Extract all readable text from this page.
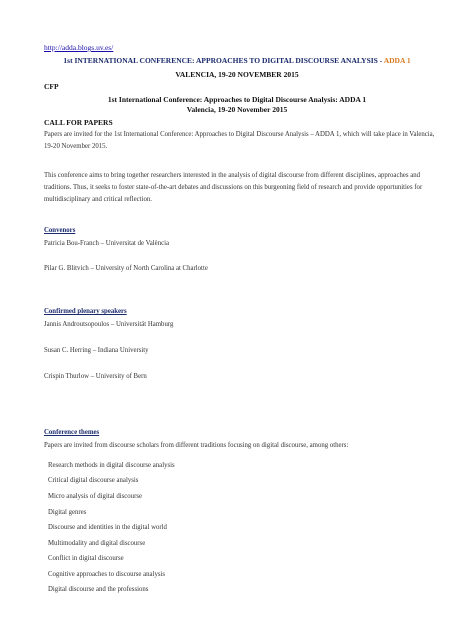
http://adda.blogs.uv.es/
1st INTERNATIONAL CONFERENCE: APPROACHES TO DIGITAL DISCOURSE ANALYSIS - ADDA 1
VALENCIA, 19-20 NOVEMBER 2015
CFP
1st International Conference: Approaches to Digital Discourse Analysis: ADDA 1
Valencia, 19-20 November 2015
CALL FOR PAPERS
Papers are invited for the 1st International Conference: Approaches to Digital Discourse Analysis – ADDA 1, which will take place in Valencia, 19-20 November 2015.
This conference aims to bring together researchers interested in the analysis of digital discourse from different disciplines, approaches and traditions. Thus, it seeks to foster state-of-the-art debates and discussions on this burgeoning field of research and provide opportunities for multidisciplinary and critical reflection.
Convenors
Patricia Bou-Franch – Universitat de València
Pilar G. Blitvich – University of North Carolina at Charlotte
Confirmed plenary speakers
Jannis Androutsopoulos – Universität Hamburg
Susan C. Herring – Indiana University
Crispin Thurlow – University of Bern
Conference themes
Papers are invited from discourse scholars from different traditions focusing on digital discourse, among others:
Research methods in digital discourse analysis
Critical digital discourse analysis
Micro analysis of digital discourse
Digital genres
Discourse and identities in the digital world
Multimodality and digital discourse
Conflict in digital discourse
Cognitive approaches to discourse analysis
Digital discourse and the professions
